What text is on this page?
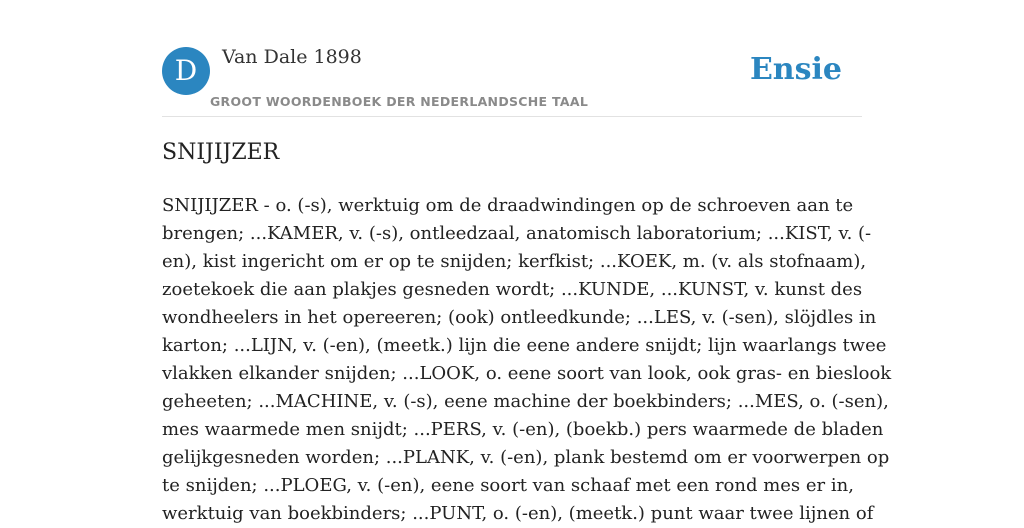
D	Van Dale 1898
GROOT WOORDENBOEK DER NEDERLANDSCHE TAAL
Ensie
SNIJIJZER
SNIJIJZER - o. (-s), werktuig om de draadwindingen op de schroeven aan te
brengen; ...KAMER, v. (-s), ontleedzaal, anatomisch laboratorium; ...KIST, v. (-
en), kist ingericht om er op te snijden; kerfkist; ...KOEK, m. (v. als stofnaam),
zoetekoek die aan plakjes gesneden wordt; ...KUNDE, ...KUNST, v. kunst des
wondheelers in het opereeren; (ook) ontleedkunde; ...LES, v. (-sen), slöjdles in
karton; ...LIJN, v. (-en), (meetk.) lijn die eene andere snijdt; lijn waarlangs twee
vlakken elkander snijden; ...LOOK, o. eene soort van look, ook gras- en bieslook
geheeten; ...MACHINE, v. (-s), eene machine der boekbinders; ...MES, o. (-sen),
mes waarmede men snijdt; ...PERS, v. (-en), (boekb.) pers waarmede de bladen
gelijkgesneden worden; ...PLANK, v. (-en), plank bestemd om er voorwerpen op
te snijden; ...PLOEG, v. (-en), eene soort van schaaf met een rond mes er in,
werktuig van boekbinders; ...PUNT, o. (-en), (meetk.) punt waar twee lijnen of
